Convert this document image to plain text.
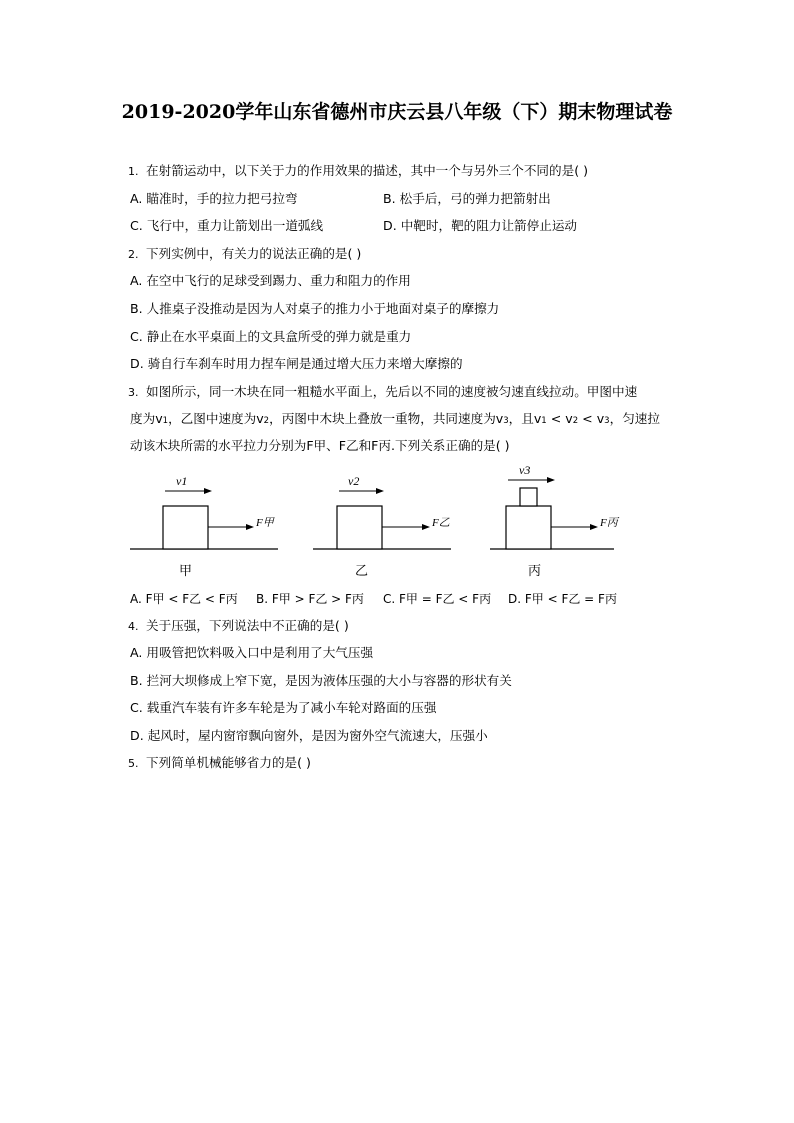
2019-2020学年山东省德州市庆云县八年级（下）期末物理试卷
1. 在射箭运动中，以下关于力的作用效果的描述，其中一个与另外三个不同的是( )
A. 瞄准时，手的拉力把弓拉弯	B. 松手后，弓的弹力把箭射出
C. 飞行中，重力让箭划出一道弧线	D. 中靶时，靶的阻力让箭停止运动
2. 下列实例中，有关力的说法正确的是( )
A. 在空中飞行的足球受到踢力、重力和阻力的作用
B. 人推桌子没推动是因为人对桌子的推力小于地面对桌子的摩擦力
C. 静止在水平桌面上的文具盒所受的弹力就是重力
D. 骑自行车刹车时用力捏车闸是通过增大压力来增大摩擦的
3. 如图所示，同一木块在同一粗糙水平面上，先后以不同的速度被匀速直线拉动。甲图中速
度为v1，乙图中速度为v2，丙图中木块上叠放一重物，共同速度为v3，且v1 < v2 < v3，匀速拉
动该木块所需的水平拉力分别为F甲、F乙和F丙.下列关系正确的是( )
v1
F甲
甲
v2
F乙
乙
v3
F丙
丙
A. F甲 < F乙 < F丙 B. F甲 > F乙 > F丙 C. F甲 = F乙 < F丙 D. F甲 < F乙 = F丙
4. 关于压强，下列说法中不正确的是( )
A. 用吸管把饮料吸入口中是利用了大气压强
B. 拦河大坝修成上窄下宽，是因为液体压强的大小与容器的形状有关
C. 载重汽车装有许多车轮是为了减小车轮对路面的压强
D. 起风时，屋内窗帘飘向窗外，是因为窗外空气流速大，压强小
5. 下列简单机械能够省力的是( )
